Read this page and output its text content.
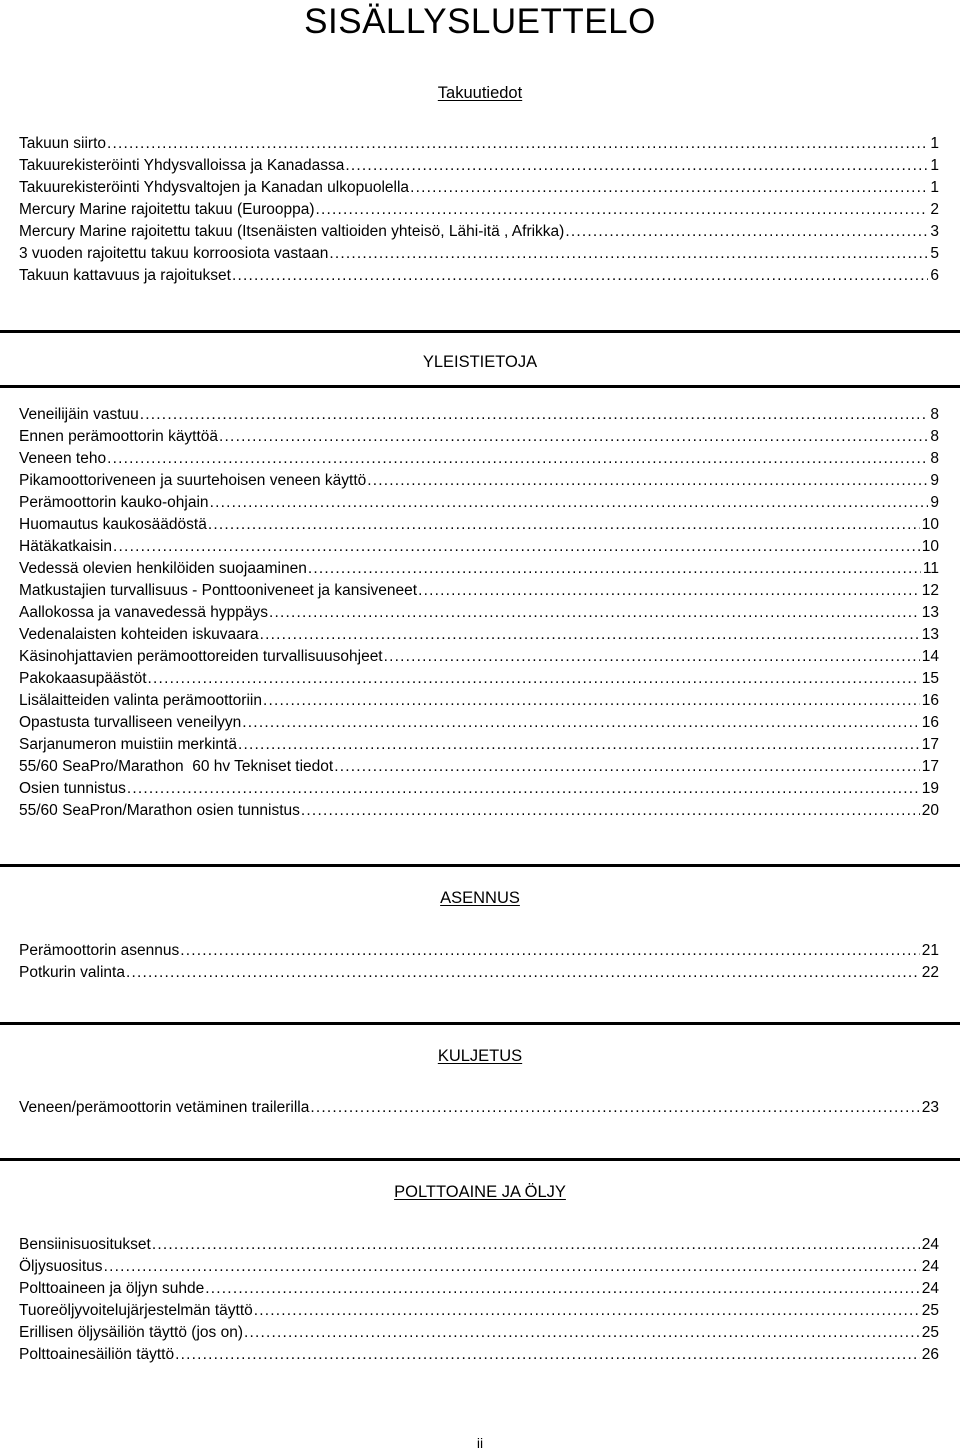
SISÄLLYSLUETTELO
Takuutiedot
Takuun siirto .....	1
Takuurekisteröinti Yhdysvalloissa ja Kanadassa .....	1
Takuurekisteröinti Yhdysvaltojen ja Kanadan ulkopuolella .....	1
Mercury Marine rajoitettu takuu (Eurooppa) .....	2
Mercury Marine rajoitettu takuu (Itsenäisten valtioiden yhteisö, Lähi-itä , Afrikka) .....	3
3 vuoden rajoitettu takuu korroosiota vastaan .....	5
Takuun kattavuus ja rajoitukset .....	6
YLEISTIETOJA
Veneilijäin vastuu .....	8
Ennen perämoottorin käyttöä .....	8
Veneen teho .....	8
Pikamoottoriveneen ja suurtehoisen veneen käyttö .....	9
Perämoottorin kauko-ohjain .....	9
Huomautus kaukosäädöstä .....	10
Hätäkatkaisin .....	10
Vedessä olevien henkilöiden suojaaminen .....	11
Matkustajien turvallisuus - Ponttooniveneet ja kansiveneet .....	12
Aallokossa ja vanavedessä hyppäys .....	13
Vedenalaisten kohteiden iskuvaara .....	13
Käsinohjattavien perämoottoreiden turvallisuusohjeet .....	14
Pakokaasupäästöt .....	15
Lisälaitteiden valinta perämoottoriin .....	16
Opastusta turvalliseen veneilyyn .....	16
Sarjanumeron muistiin merkintä .....	17
55/60 SeaPro/Marathon  60 hv Tekniset tiedot .....	17
Osien tunnistus .....	19
55/60 SeaPron/Marathon osien tunnistus .....	20
ASENNUS
Perämoottorin asennus .....	21
Potkurin valinta .....	22
KULJETUS
Veneen/perämoottorin vetäminen trailerilla .....	23
POLTTOAINE JA ÖLJY
Bensiinisuositukset .....	24
Öljysuositus .....	24
Polttoaineen ja öljyn suhde .....	24
Tuoreöljyvoitelujärjestelmän täyttö .....	25
Erillisen öljysäiliön täyttö (jos on) .....	25
Polttoainesäiliön täyttö .....	26
ii
